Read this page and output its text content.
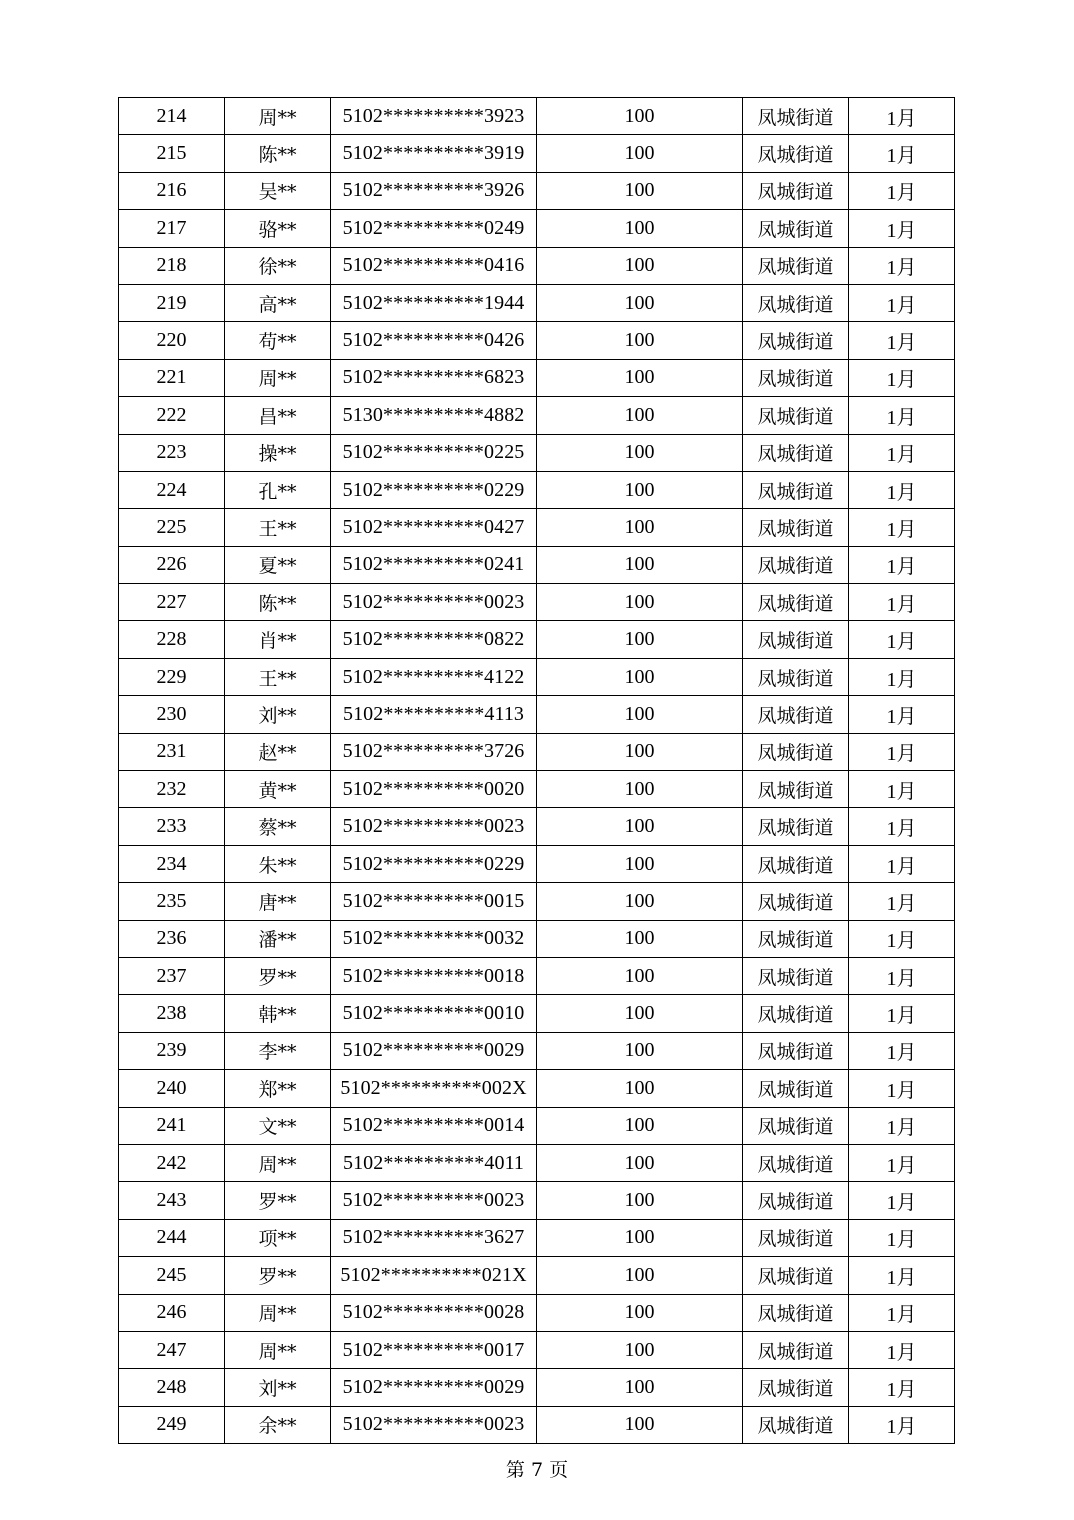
214	周**	5102**********3923	100	凤城街道	1月
215	陈**	5102**********3919	100	凤城街道	1月
216	吴**	5102**********3926	100	凤城街道	1月
217	骆**	5102**********0249	100	凤城街道	1月
218	徐**	5102**********0416	100	凤城街道	1月
219	高**	5102**********1944	100	凤城街道	1月
220	苟**	5102**********0426	100	凤城街道	1月
221	周**	5102**********6823	100	凤城街道	1月
222	昌**	5130**********4882	100	凤城街道	1月
223	操**	5102**********0225	100	凤城街道	1月
224	孔**	5102**********0229	100	凤城街道	1月
225	王**	5102**********0427	100	凤城街道	1月
226	夏**	5102**********0241	100	凤城街道	1月
227	陈**	5102**********0023	100	凤城街道	1月
228	肖**	5102**********0822	100	凤城街道	1月
229	王**	5102**********4122	100	凤城街道	1月
230	刘**	5102**********4113	100	凤城街道	1月
231	赵**	5102**********3726	100	凤城街道	1月
232	黄**	5102**********0020	100	凤城街道	1月
233	蔡**	5102**********0023	100	凤城街道	1月
234	朱**	5102**********0229	100	凤城街道	1月
235	唐**	5102**********0015	100	凤城街道	1月
236	潘**	5102**********0032	100	凤城街道	1月
237	罗**	5102**********0018	100	凤城街道	1月
238	韩**	5102**********0010	100	凤城街道	1月
239	李**	5102**********0029	100	凤城街道	1月
240	郑**	5102**********002X	100	凤城街道	1月
241	文**	5102**********0014	100	凤城街道	1月
242	周**	5102**********4011	100	凤城街道	1月
243	罗**	5102**********0023	100	凤城街道	1月
244	项**	5102**********3627	100	凤城街道	1月
245	罗**	5102**********021X	100	凤城街道	1月
246	周**	5102**********0028	100	凤城街道	1月
247	周**	5102**********0017	100	凤城街道	1月
248	刘**	5102**********0029	100	凤城街道	1月
249	余**	5102**********0023	100	凤城街道	1月
第 7 页
